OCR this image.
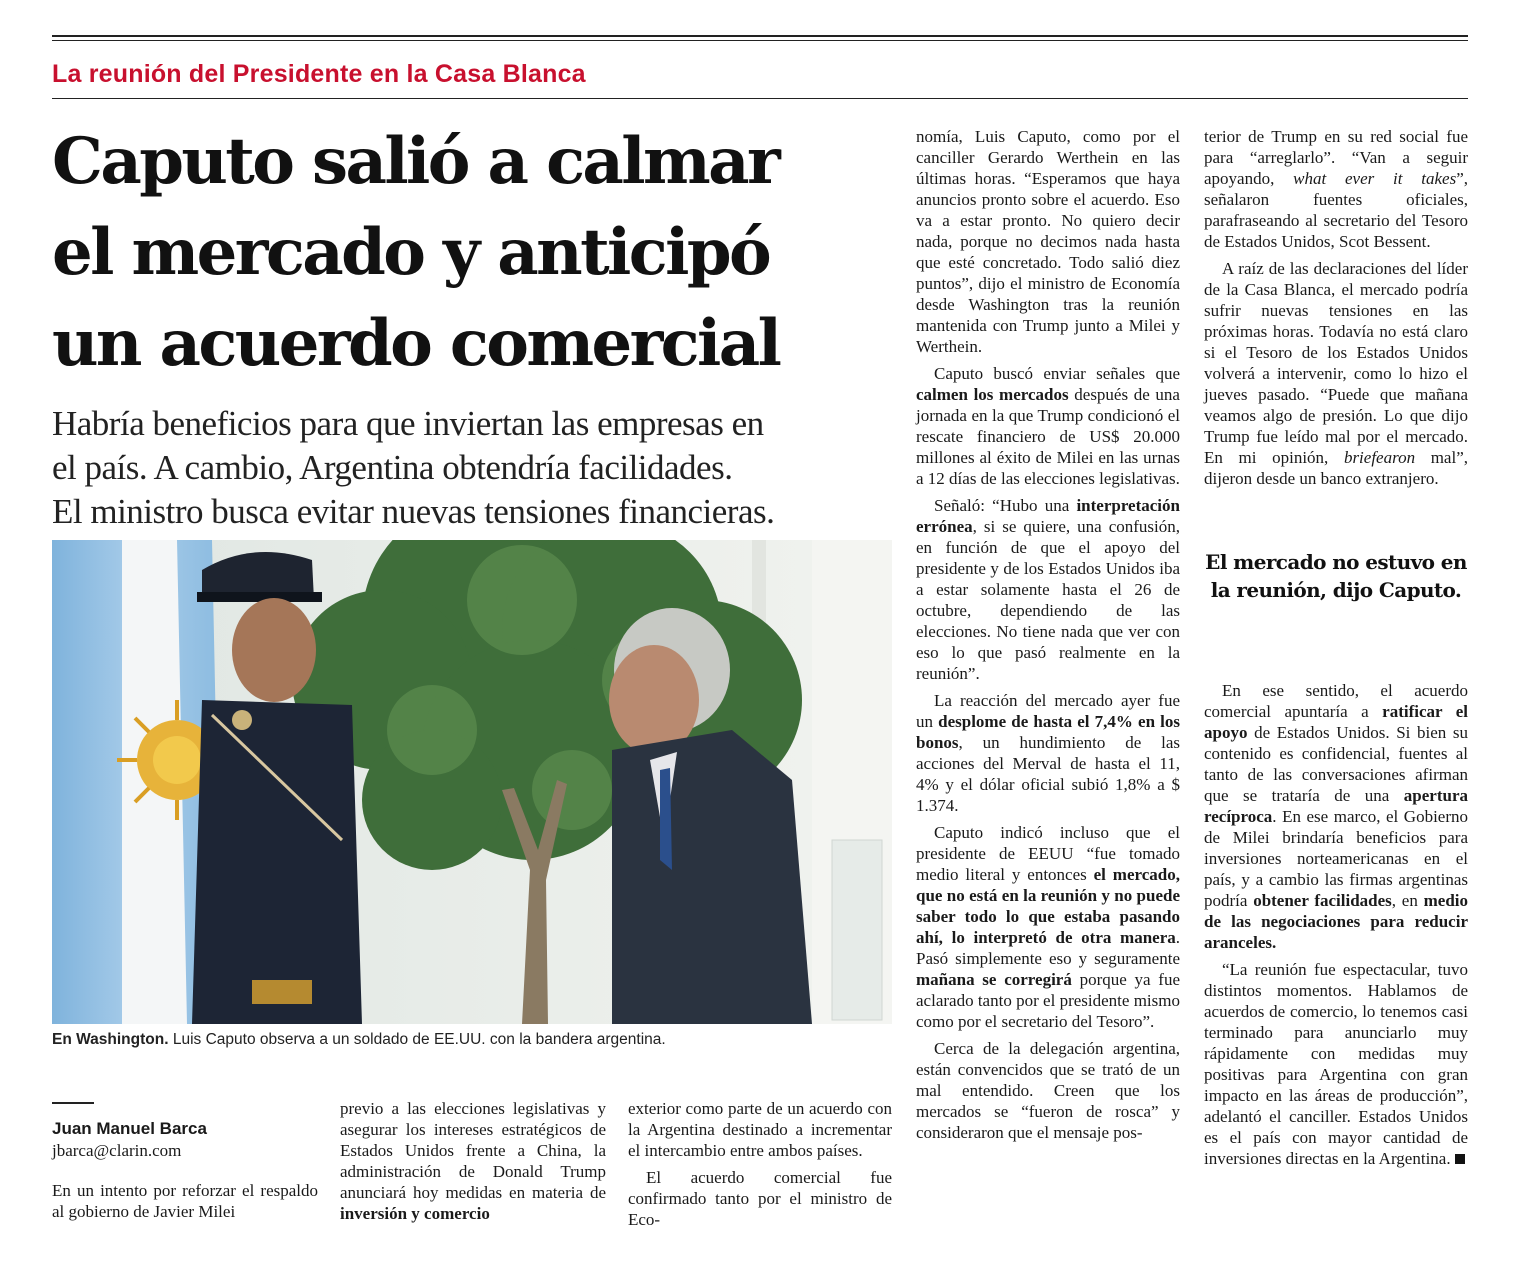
La reunión del Presidente en la Casa Blanca
Caputo salió a calmar
el mercado y anticipó
un acuerdo comercial
Habría beneficios para que inviertan las empresas en
el país. A cambio, Argentina obtendría facilidades.
El ministro busca evitar nuevas tensiones financieras.
En Washington. Luis Caputo observa a un soldado de EE.UU. con la bandera argentina.
Juan Manuel Barca
jbarca@clarin.com

En un intento por reforzar el respaldo al gobierno de Javier Milei

previo a las elecciones legislativas y asegurar los intereses estratégicos de Estados Unidos frente a China, la administración de Donald Trump anunciará hoy medidas en materia de inversión y comercio

exterior como parte de un acuerdo con la Argentina destinado a incrementar el intercambio entre ambos países.

El acuerdo comercial fue confirmado tanto por el ministro de Eco-

nomía, Luis Caputo, como por el canciller Gerardo Werthein en las últimas horas. “Esperamos que haya anuncios pronto sobre el acuerdo. Eso va a estar pronto. No quiero decir nada, porque no decimos nada hasta que esté concretado. Todo salió diez puntos”, dijo el ministro de Economía desde Washington tras la reunión mantenida con Trump junto a Milei y Werthein.

Caputo buscó enviar señales que calmen los mercados después de una jornada en la que Trump condicionó el rescate financiero de US$ 20.000 millones al éxito de Milei en las urnas a 12 días de las elecciones legislativas.

Señaló: “Hubo una interpretación errónea, si se quiere, una confusión, en función de que el apoyo del presidente y de los Estados Unidos iba a estar solamente hasta el 26 de octubre, dependiendo de las elecciones. No tiene nada que ver con eso lo que pasó realmente en la reunión”.

La reacción del mercado ayer fue un desplome de hasta el 7,4% en los bonos, un hundimiento de las acciones del Merval de hasta el 11, 4% y el dólar oficial subió 1,8% a $ 1.374.

Caputo indicó incluso que el presidente de EEUU “fue tomado medio literal y entonces el mercado, que no está en la reunión y no puede saber todo lo que estaba pasando ahí, lo interpretó de otra manera. Pasó simplemente eso y seguramente mañana se corregirá porque ya fue aclarado tanto por el presidente mismo como por el secretario del Tesoro”.

Cerca de la delegación argentina, están convencidos que se trató de un mal entendido. Creen que los mercados se “fueron de rosca” y consideraron que el mensaje pos-

terior de Trump en su red social fue para “arreglarlo”. “Van a seguir apoyando, what ever it takes”, señalaron fuentes oficiales, parafraseando al secretario del Tesoro de Estados Unidos, Scot Bessent.

A raíz de las declaraciones del líder de la Casa Blanca, el mercado podría sufrir nuevas tensiones en las próximas horas. Todavía no está claro si el Tesoro de los Estados Unidos volverá a intervenir, como lo hizo el jueves pasado. “Puede que mañana veamos algo de presión. Lo que dijo Trump fue leído mal por el mercado. En mi opinión, briefearon mal”, dijeron desde un banco extranjero.

El mercado no estuvo en la reunión, dijo Caputo.

En ese sentido, el acuerdo comercial apuntaría a ratificar el apoyo de Estados Unidos. Si bien su contenido es confidencial, fuentes al tanto de las conversaciones afirman que se trataría de una apertura recíproca. En ese marco, el Gobierno de Milei brindaría beneficios para inversiones norteamericanas en el país, y a cambio las firmas argentinas podría obtener facilidades, en medio de las negociaciones para reducir aranceles.

“La reunión fue espectacular, tuvo distintos momentos. Hablamos de acuerdos de comercio, lo tenemos casi terminado para anunciarlo muy rápidamente con medidas muy positivas para Argentina con gran impacto en las áreas de producción”, adelantó el canciller. Estados Unidos es el país con mayor cantidad de inversiones directas en la Argentina.
